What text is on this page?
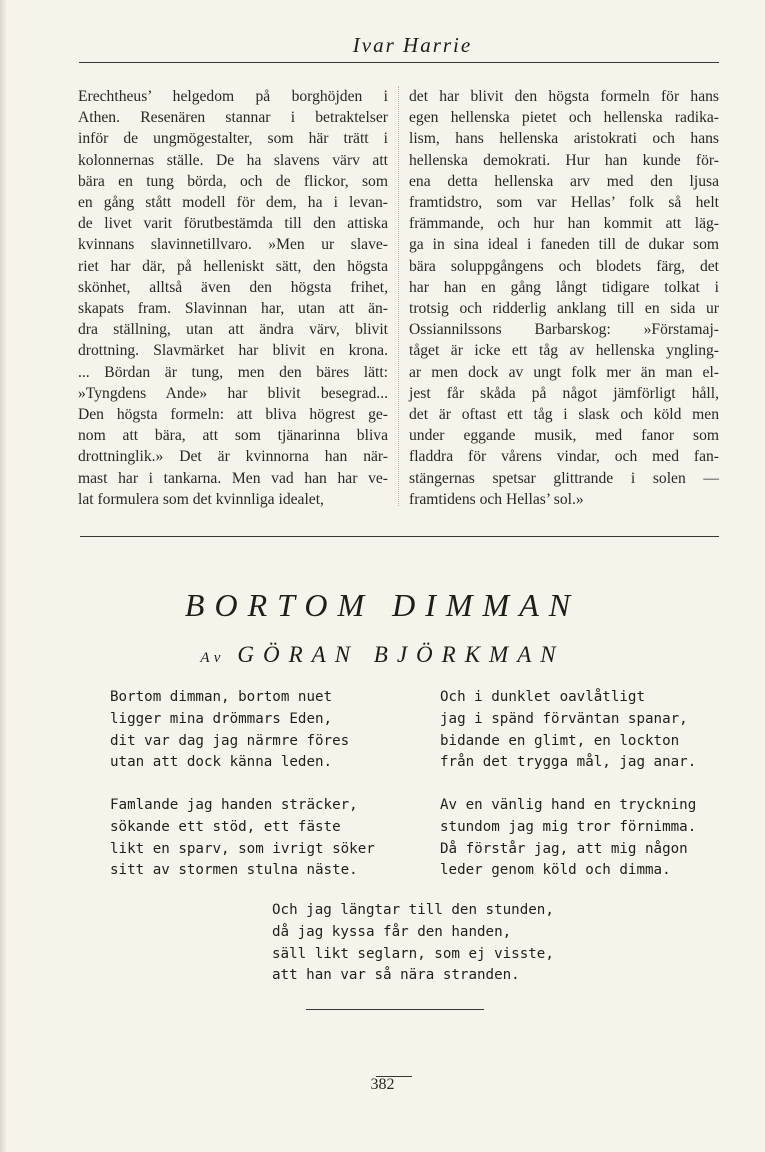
Ivar Harrie
Erechtheus’ helgedom på borghöjden i
Athen. Resenären stannar i betraktelser
inför de ungmögestalter, som här trätt i
kolonnernas ställe. De ha slavens värv att
bära en tung börda, och de flickor, som
en gång stått modell för dem, ha i levan-
de livet varit förutbestämda till den attiska
kvinnans slavinnetillvaro. »Men ur slave-
riet har där, på helleniskt sätt, den högsta
skönhet, alltså även den högsta frihet,
skapats fram. Slavinnan har, utan att än-
dra ställning, utan att ändra värv, blivit
drottning. Slavmärket har blivit en krona.
... Bördan är tung, men den bäres lätt:
»Tyngdens Ande» har blivit besegrad...
Den högsta formeln: att bliva högrest ge-
nom att bära, att som tjänarinna bliva
drottninglik.» Det är kvinnorna han när-
mast har i tankarna. Men vad han har ve-
lat formulera som det kvinnliga idealet,
det har blivit den högsta formeln för hans
egen hellenska pietet och hellenska radika-
lism, hans hellenska aristokrati och hans
hellenska demokrati. Hur han kunde för-
ena detta hellenska arv med den ljusa
framtidstro, som var Hellas’ folk så helt
främmande, och hur han kommit att läg-
ga in sina ideal i faneden till de dukar som
bära soluppgångens och blodets färg, det
har han en gång långt tidigare tolkat i
trotsig och ridderlig anklang till en sida ur
Ossiannilssons Barbarskog: »Förstamaj-
tåget är icke ett tåg av hellenska yngling-
ar men dock av ungt folk mer än man el-
jest får skåda på något jämförligt håll,
det är oftast ett tåg i slask och köld men
under eggande musik, med fanor som
fladdra för vårens vindar, och med fan-
stängernas spetsar glittrande i solen —
framtidens och Hellas’ sol.»
BORTOM DIMMAN
Av GÖRAN BJÖRKMAN
Bortom dimman, bortom nuet
ligger mina drömmars Eden,
dit var dag jag närmre föres
utan att dock känna leden.
Famlande jag handen sträcker,
sökande ett stöd, ett fäste
likt en sparv, som ivrigt söker
sitt av stormen stulna näste.
Och i dunklet oavlåtligt
jag i spänd förväntan spanar,
bidande en glimt, en lockton
från det trygga mål, jag anar.
Av en vänlig hand en tryckning
stundom jag mig tror förnimma.
Då förstår jag, att mig någon
leder genom köld och dimma.
Och jag längtar till den stunden,
då jag kyssa får den handen,
säll likt seglarn, som ej visste,
att han var så nära stranden.
382
